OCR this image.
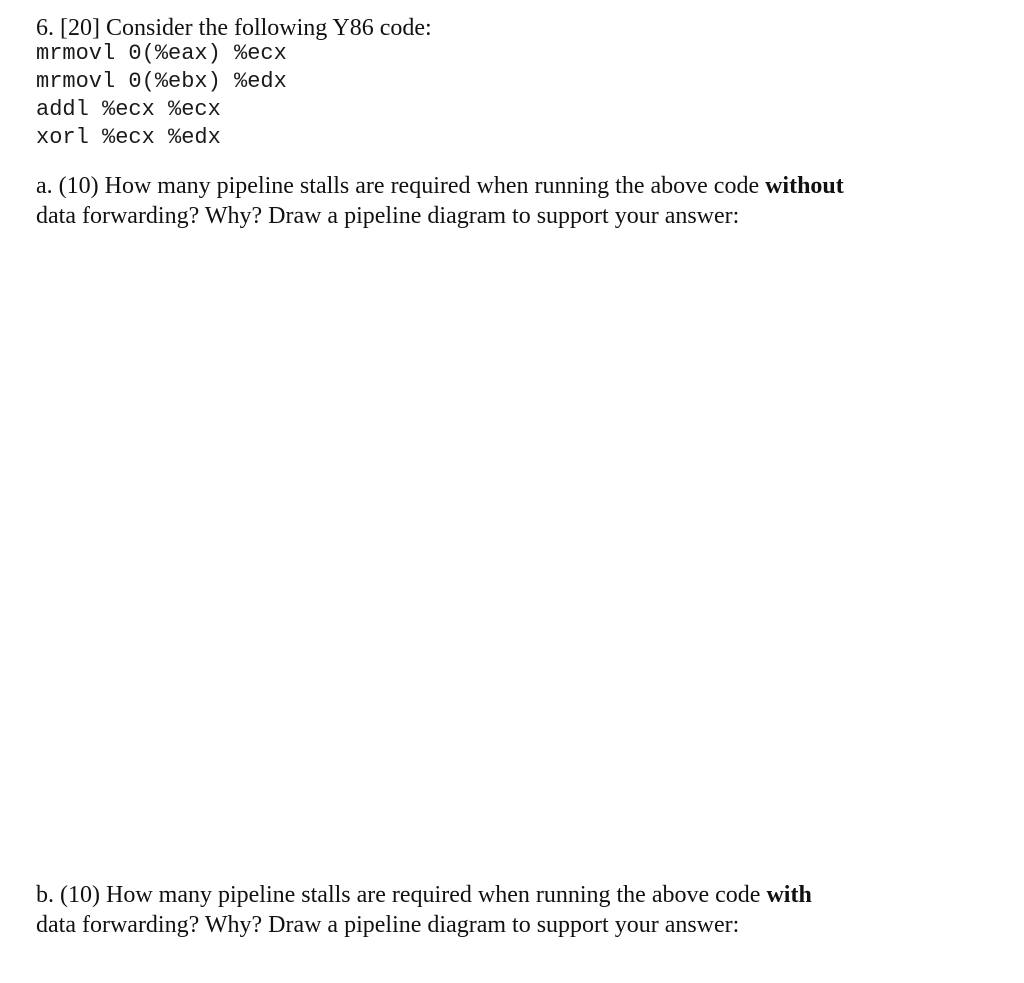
6. [20] Consider the following Y86 code:
mrmovl 0(%eax) %ecx
mrmovl 0(%ebx) %edx
addl %ecx %ecx
xorl %ecx %edx
a. (10) How many pipeline stalls are required when running the above code without
data forwarding? Why? Draw a pipeline diagram to support your answer:
b. (10) How many pipeline stalls are required when running the above code with
data forwarding? Why? Draw a pipeline diagram to support your answer:
